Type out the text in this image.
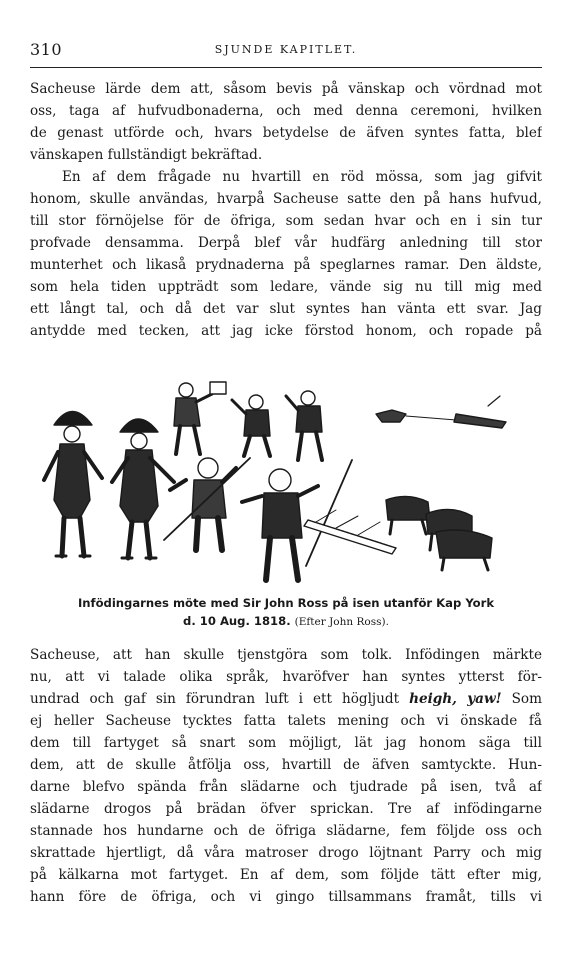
310	SJUNDE KAPITLET.
Sacheuse lärde dem att, såsom bevis på vänskap och vördnad mot
oss, taga af hufvudbonaderna, och med denna ceremoni, hvilken
de genast utförde och, hvars betydelse de äfven syntes fatta, blef
vänskapen fullständigt bekräftad.
En af dem frågade nu hvartill en röd mössa, som jag gifvit
honom, skulle användas, hvarpå Sacheuse satte den på hans hufvud,
till stor förnöjelse för de öfriga, som sedan hvar och en i sin tur
profvade densamma. Derpå blef vår hudfärg anledning till stor
munterhet och likaså prydnaderna på speglarnes ramar. Den äldste,
som hela tiden uppträdt som ledare, vände sig nu till mig med
ett långt tal, och då det var slut syntes han vänta ett svar. Jag
antydde med tecken, att jag icke förstod honom, och ropade på
Infödingarnes möte med Sir John Ross på isen utanför Kap York
d. 10 Aug. 1818. (Efter John Ross).
Sacheuse, att han skulle tjenstgöra som tolk. Infödingen märkte
nu, att vi talade olika språk, hvaröfver han syntes ytterst för-
undrad och gaf sin förundran luft i ett högljudt heigh, yaw! Som
ej heller Sacheuse tycktes fatta talets mening och vi önskade få
dem till fartyget så snart som möjligt, lät jag honom säga till
dem, att de skulle åtfölja oss, hvartill de äfven samtyckte. Hun-
darne blefvo spända från slädarne och tjudrade på isen, två af
slädarne drogos på brädan öfver sprickan. Tre af infödingarne
stannade hos hundarne och de öfriga slädarne, fem följde oss och
skrattade hjertligt, då våra matroser drogo löjtnant Parry och mig
på kälkarna mot fartyget. En af dem, som följde tätt efter mig,
hann före de öfriga, och vi gingo tillsammans framåt, tills vi
